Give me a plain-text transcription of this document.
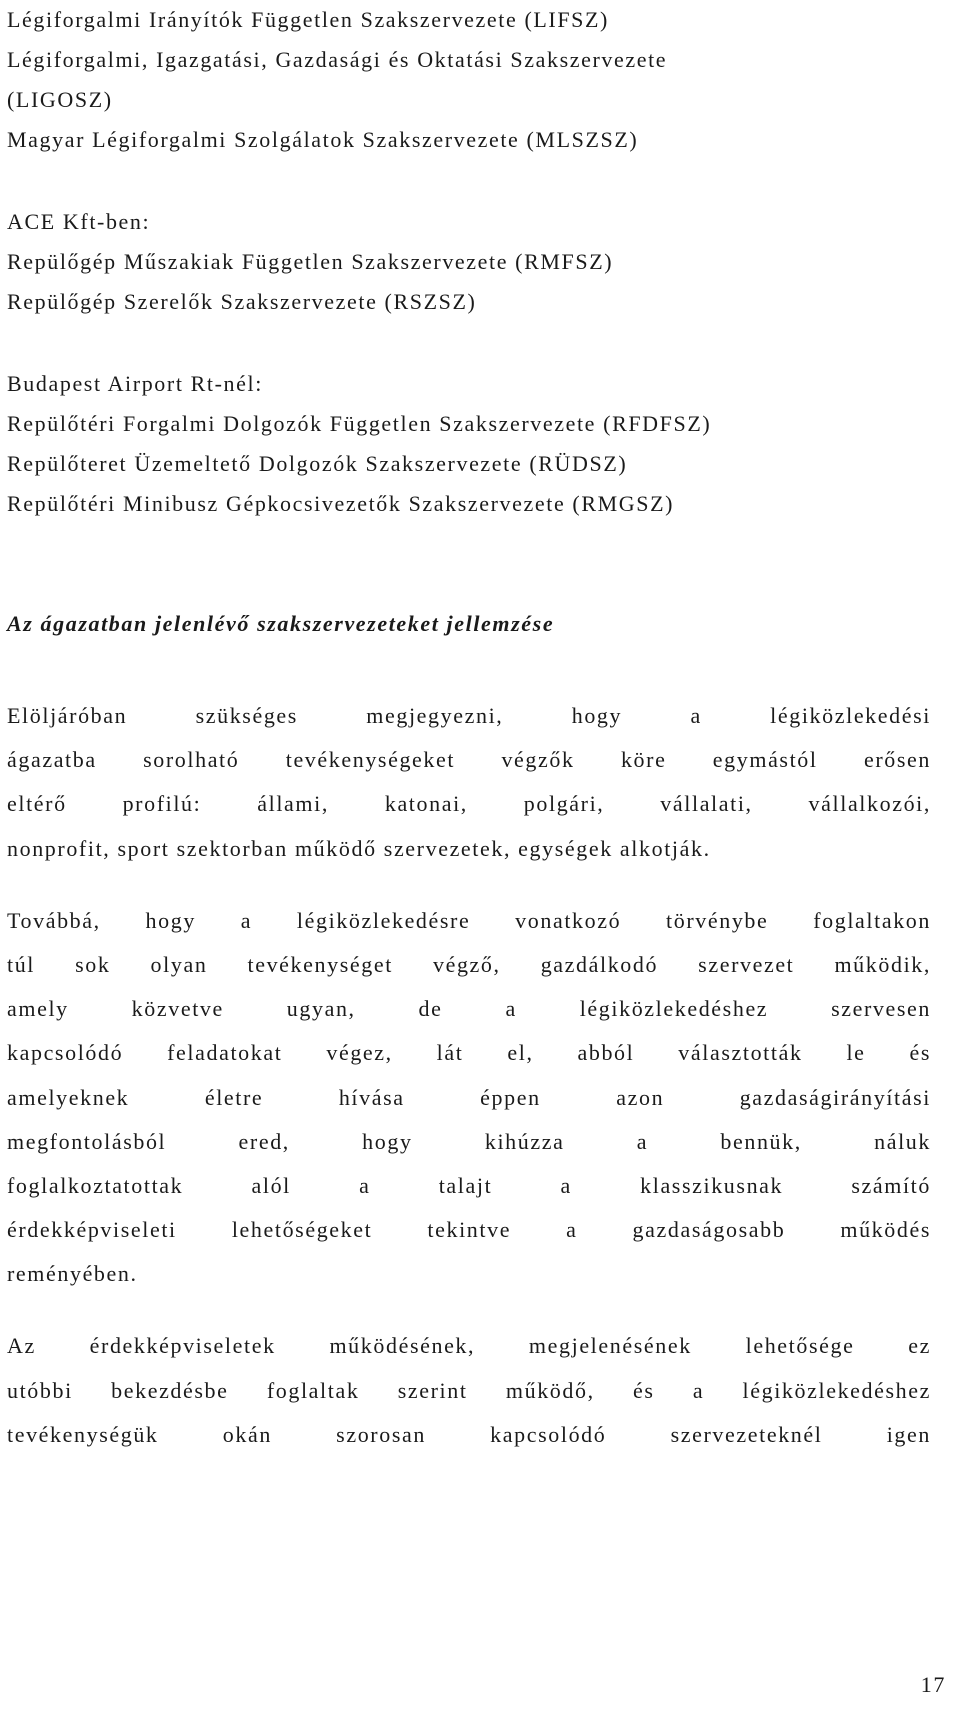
Légiforgalmi Irányítók Független Szakszervezete (LIFSZ)
Légiforgalmi, Igazgatási, Gazdasági és Oktatási Szakszervezete
(LIGOSZ)
Magyar Légiforgalmi Szolgálatok Szakszervezete (MLSZSZ)
ACE Kft-ben:
Repülőgép Műszakiak Független Szakszervezete (RMFSZ)
Repülőgép Szerelők Szakszervezete (RSZSZ)
Budapest Airport Rt-nél:
Repülőtéri Forgalmi Dolgozók Független Szakszervezete (RFDFSZ)
Repülőteret Üzemeltető Dolgozók Szakszervezete (RÜDSZ)
Repülőtéri Minibusz Gépkocsivezetők Szakszervezete (RMGSZ)
Az ágazatban jelenlévő szakszervezeteket jellemzése
Elöljáróban szükséges megjegyezni, hogy a légiközlekedési
ágazatba sorolható tevékenységeket végzők köre egymástól erősen
eltérő profilú: állami, katonai, polgári, vállalati, vállalkozói,
nonprofit, sport szektorban működő szervezetek, egységek alkotják.
Továbbá, hogy a légiközlekedésre vonatkozó törvénybe foglaltakon
túl sok olyan tevékenységet végző, gazdálkodó szervezet működik,
amely közvetve ugyan, de a légiközlekedéshez szervesen
kapcsolódó feladatokat végez, lát el, abból választották le és
amelyeknek életre hívása éppen azon gazdaságirányítási
megfontolásból ered, hogy kihúzza a bennük, náluk
foglalkoztatottak alól a talajt a klasszikusnak számító
érdekképviseleti lehetőségeket tekintve a gazdaságosabb működés
reményében.
Az érdekképviseletek működésének, megjelenésének lehetősége ez
utóbbi bekezdésbe foglaltak szerint működő, és a légiközlekedéshez
tevékenységük okán szorosan kapcsolódó szervezeteknél igen
17
